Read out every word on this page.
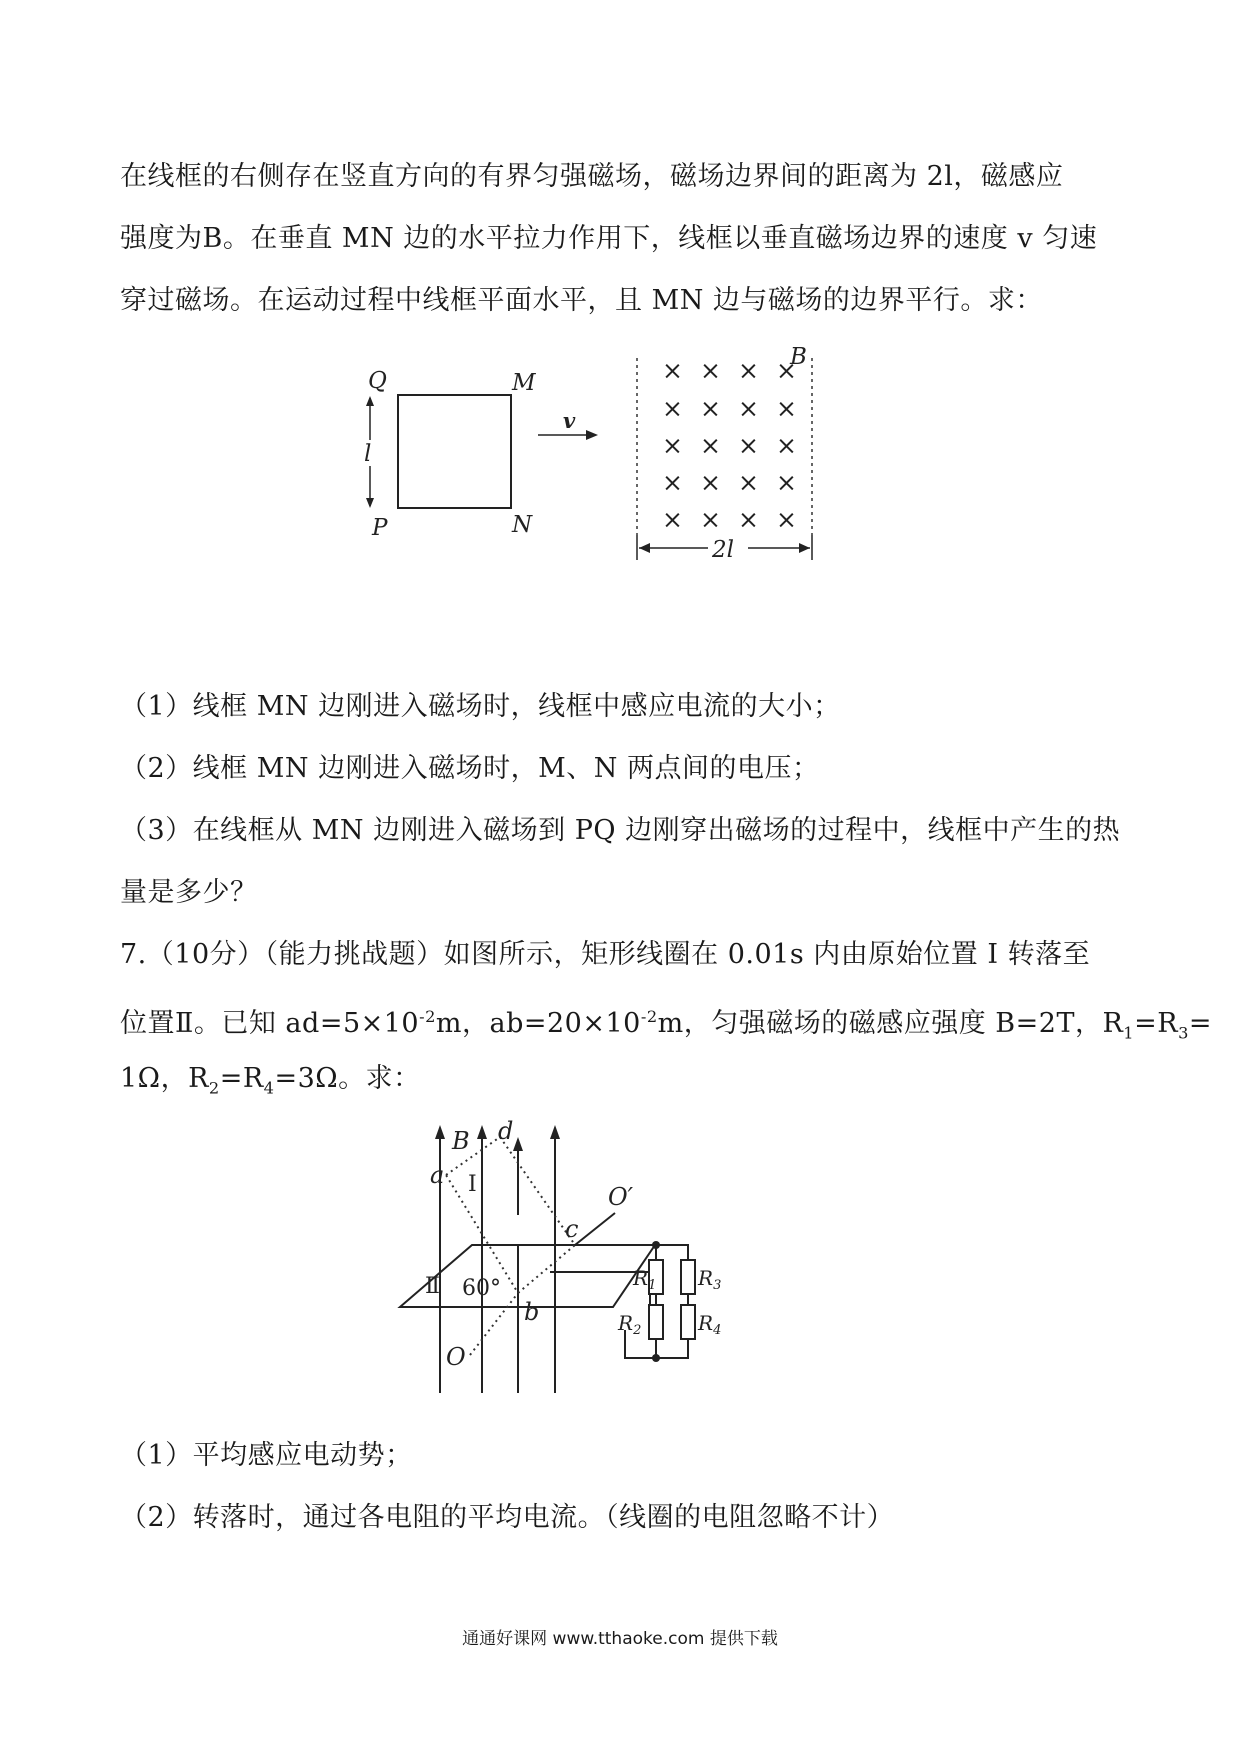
在线框的右侧存在竖直方向的有界匀强磁场，磁场边界间的距离为 2l，磁感应
强度为B。在垂直 MN 边的水平拉力作用下，线框以垂直磁场边界的速度 v 匀速
穿过磁场。在运动过程中线框平面水平，且 MN 边与磁场的边界平行。求：
Q	M
P	N
l
v
B
× × × ×
× × × ×
× × × ×
× × × ×
× × × ×
2l
（1）线框 MN 边刚进入磁场时，线框中感应电流的大小；
（2）线框 MN 边刚进入磁场时，M、N 两点间的电压；
（3）在线框从 MN 边刚进入磁场到 PQ 边刚穿出磁场的过程中，线框中产生的热
量是多少？
7.（10分）（能力挑战题）如图所示，矩形线圈在 0.01s 内由原始位置 I 转落至
位置Ⅱ。已知 $ad=5\times 10^{-2}m$，$ab=20\times 10^{-2}m$，匀强磁场的磁感应强度 B=2T，$R_1=R_3=$
1Ω，$R_2=R_4=3\Omega$。求：
B d
a I	O′
c
Ⅱ 60°
b
O
$R_1$
$R_2$
$R_3$
$R_4$
（1）平均感应电动势；
（2）转落时，通过各电阻的平均电流。（线圈的电阻忽略不计）
通通好课网 www.tthaoke.com 提供下载
